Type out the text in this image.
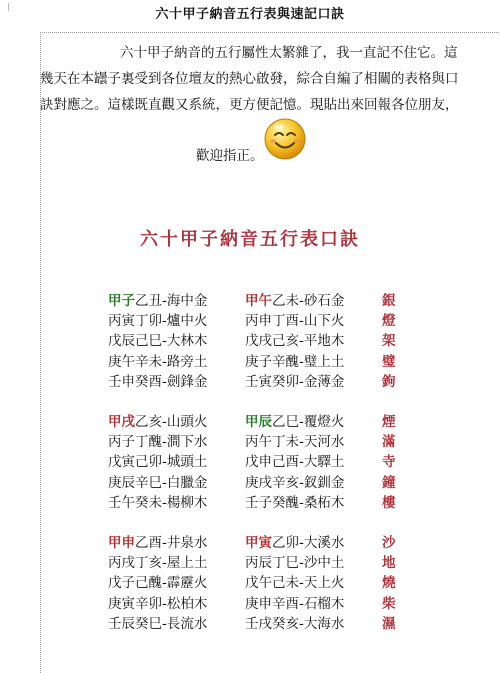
六十甲子納音五行表與速記口訣

六十甲子納音的五行屬性太繁雜了，我一直記不住它。這

幾天在本罎子裏受到各位壇友的熱心啟發，綜合自編了相關的表格與口

訣對應之。這樣既直觀又系統，更方便記憶。現貼出來回報各位朋友，

歡迎指正。
六十甲子納音五行表口訣
甲子乙丑-海中金	甲午乙未-砂石金	銀
丙寅丁卯-爐中火	丙申丁酉-山下火	燈
戊辰己巳-大林木	戊戌己亥-平地木	架
庚午辛未-路旁土	庚子辛醜-璧上土	璧
壬申癸酉-劍鋒金	壬寅癸卯-金薄金	鉤

甲戌乙亥-山頭火	甲辰乙巳-覆燈火	煙
丙子丁醜-澗下水	丙午丁未-天河水	滿
戊寅己卯-城頭土	戊申己酉-大驛土	寺
庚辰辛巳-白臘金	庚戌辛亥-釵釧金	鐘
壬午癸未-楊柳木	壬子癸醜-桑柘木	樓

甲申乙酉-井泉水	甲寅乙卯-大溪水	沙
丙戌丁亥-屋上土	丙辰丁巳-沙中土	地
戊子己醜-霹靂火	戊午己未-天上火	燒
庚寅辛卯-松柏木	庚申辛酉-石榴木	柴
壬辰癸巳-長流水	壬戌癸亥-大海水	濕
